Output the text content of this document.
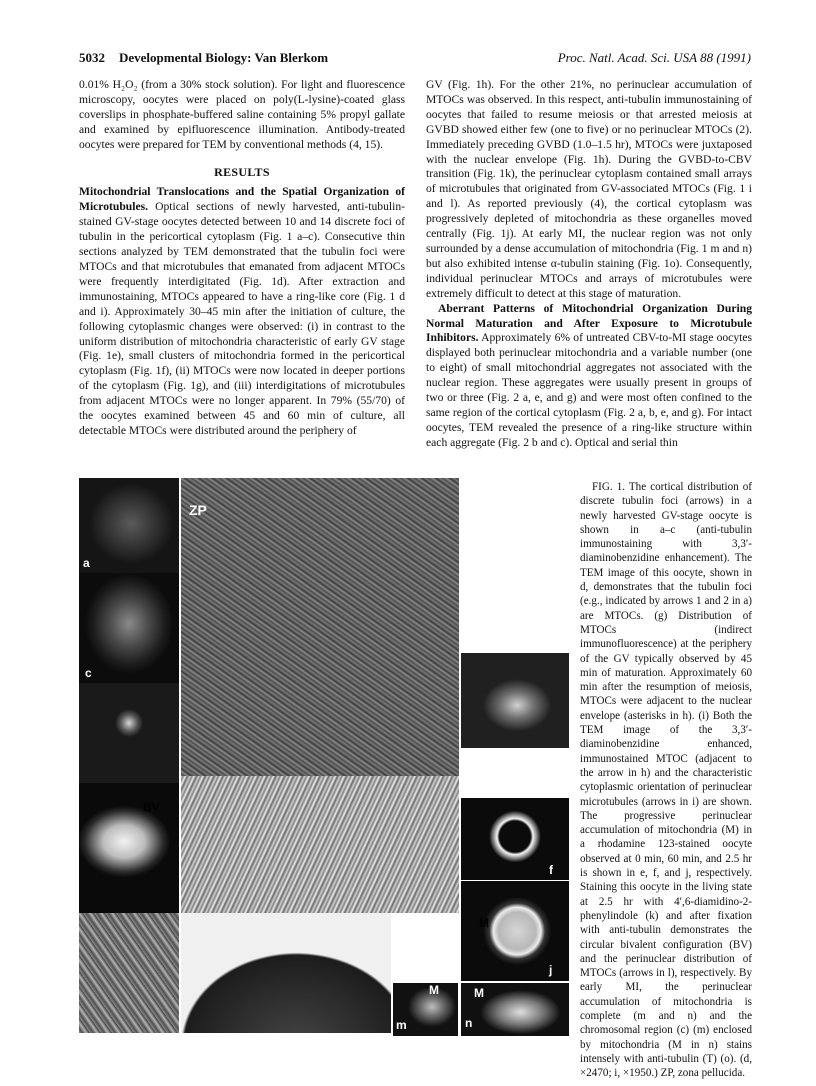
5032 Developmental Biology: Van Blerkom	Proc. Natl. Acad. Sci. USA 88 (1991)

0.01% H₂O₂ (from a 30% stock solution). For light and fluorescence microscopy, oocytes were placed on poly(L-lysine)-coated glass coverslips in phosphate-buffered saline containing 5% propyl gallate and examined by epifluorescence illumination. Antibody-treated oocytes were prepared for TEM by conventional methods (4, 15).

RESULTS

Mitochondrial Translocations and the Spatial Organization of Microtubules. Optical sections of newly harvested, anti-tubulin-stained GV-stage oocytes detected between 10 and 14 discrete foci of tubulin in the pericortical cytoplasm (Fig. 1 a–c). Consecutive thin sections analyzed by TEM demonstrated that the tubulin foci were MTOCs and that microtubules that emanated from adjacent MTOCs were frequently interdigitated (Fig. 1d). After extraction and immunostaining, MTOCs appeared to have a ring-like core (Fig. 1 d and i). Approximately 30–45 min after the initiation of culture, the following cytoplasmic changes were observed: (i) in contrast to the uniform distribution of mitochondria characteristic of early GV stage (Fig. 1e), small clusters of mitochondria formed in the pericortical cytoplasm (Fig. 1f), (ii) MTOCs were now located in deeper portions of the cytoplasm (Fig. 1g), and (iii) interdigitations of microtubules from adjacent MTOCs were no longer apparent. In 79% (55/70) of the oocytes examined between 45 and 60 min of culture, all detectable MTOCs were distributed around the periphery of

GV (Fig. 1h). For the other 21%, no perinuclear accumulation of MTOCs was observed. In this respect, anti-tubulin immunostaining of oocytes that failed to resume meiosis or that arrested meiosis at GVBD showed either few (one to five) or no perinuclear MTOCs (2). Immediately preceding GVBD (1.0–1.5 hr), MTOCs were juxtaposed with the nuclear envelope (Fig. 1h). During the GVBD-to-CBV transition (Fig. 1k), the perinuclear cytoplasm contained small arrays of microtubules that originated from GV-associated MTOCs (Fig. 1 i and l). As reported previously (4), the cortical cytoplasm was progressively depleted of mitochondria as these organelles moved centrally (Fig. 1j). At early MI, the nuclear region was not only surrounded by a dense accumulation of mitochondria (Fig. 1 m and n) but also exhibited intense α-tubulin staining (Fig. 1o). Consequently, individual perinuclear MTOCs and arrays of microtubules were extremely difficult to detect at this stage of maturation.

Aberrant Patterns of Mitochondrial Organization During Normal Maturation and After Exposure to Microtubule Inhibitors. Approximately 6% of untreated CBV-to-MI stage oocytes displayed both perinuclear mitochondria and a variable number (one to eight) of small mitochondrial aggregates not associated with the nuclear region. These aggregates were usually present in groups of two or three (Fig. 2 a, e, and g) and were most often confined to the same region of the cortical cytoplasm (Fig. 2 a, b, e, and g). For intact oocytes, TEM revealed the presence of a ring-like structure within each aggregate (Fig. 2 b and c). Optical and serial thin

a
c
BV
ZP
M
m
f
M
j
M
n

FIG. 1. The cortical distribution of discrete tubulin foci (arrows) in a newly harvested GV-stage oocyte is shown in a–c (anti-tubulin immunostaining with 3,3′-diaminobenzidine enhancement). The TEM image of this oocyte, shown in d, demonstrates that the tubulin foci (e.g., indicated by arrows 1 and 2 in a) are MTOCs. (g) Distribution of MTOCs (indirect immunofluorescence) at the periphery of the GV typically observed by 45 min of maturation. Approximately 60 min after the resumption of meiosis, MTOCs were adjacent to the nuclear envelope (asterisks in h). (i) Both the TEM image of the 3,3′-diaminobenzidine enhanced, immunostained MTOC (adjacent to the arrow in h) and the characteristic cytoplasmic orientation of perinuclear microtubules (arrows in i) are shown. The progressive perinuclear accumulation of mitochondria (M) in a rhodamine 123-stained oocyte observed at 0 min, 60 min, and 2.5 hr is shown in e, f, and j, respectively. Staining this oocyte in the living state at 2.5 hr with 4′,6-diamidino-2-phenylindole (k) and after fixation with anti-tubulin demonstrates the circular bivalent configuration (BV) and the perinuclear distribution of MTOCs (arrows in l), respectively. By early MI, the perinuclear accumulation of mitochondria is complete (m and n) and the chromosomal region (c) (m) enclosed by mitochondria (M in n) stains intensely with anti-tubulin (T) (o). (d, ×2470; i, ×1950.) ZP, zona pellucida.
